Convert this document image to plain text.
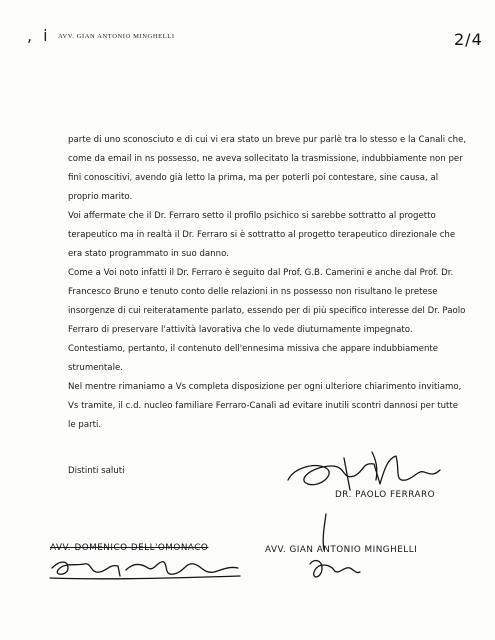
, i AVV. GIAN ANTONIO MINGHELLI	2/4

parte di uno sconosciuto e di cui vi era stato un breve pur parlè tra lo stesso e la Canali che, come da email in ns possesso, ne aveva sollecitato la trasmissione, indubbiamente non per fini conoscitivi, avendo già letto la prima, ma per poterli poi contestare, sine causa, al proprio marito.

Voi affermate che il Dr. Ferraro setto il profilo psichico si sarebbe sottratto al progetto terapeutico ma in realtà il Dr. Ferraro si è sottratto al progetto terapeutico direzionale che era stato programmato in suo danno.

Come a Voi noto infatti il Dr. Ferraro è seguito dal Prof. G.B. Camerini e anche dal Prof. Dr. Francesco Bruno e tenuto conto delle relazioni in ns possesso non risultano le pretese insorgenze di cui reiteratamente parlato, essendo per di più specifico interesse del Dr. Paolo Ferraro di preservare l'attività lavorativa che lo vede diuturnamente impegnato.

Contestiamo, pertanto, il contenuto dell'ennesima missiva che appare indubbiamente strumentale.

Nel mentre rimaniamo a Vs completa disposizione per ogni ulteriore chiarimento invitiamo, Vs tramite, il c.d. nucleo familiare Ferraro-Canali ad evitare inutili scontri dannosi per tutte le parti.

Distinti saluti
DR. PAOLO FERRARO
AVV. DOMENICO DELL'OMONACO	AVV. GIAN ANTONIO MINGHELLI
